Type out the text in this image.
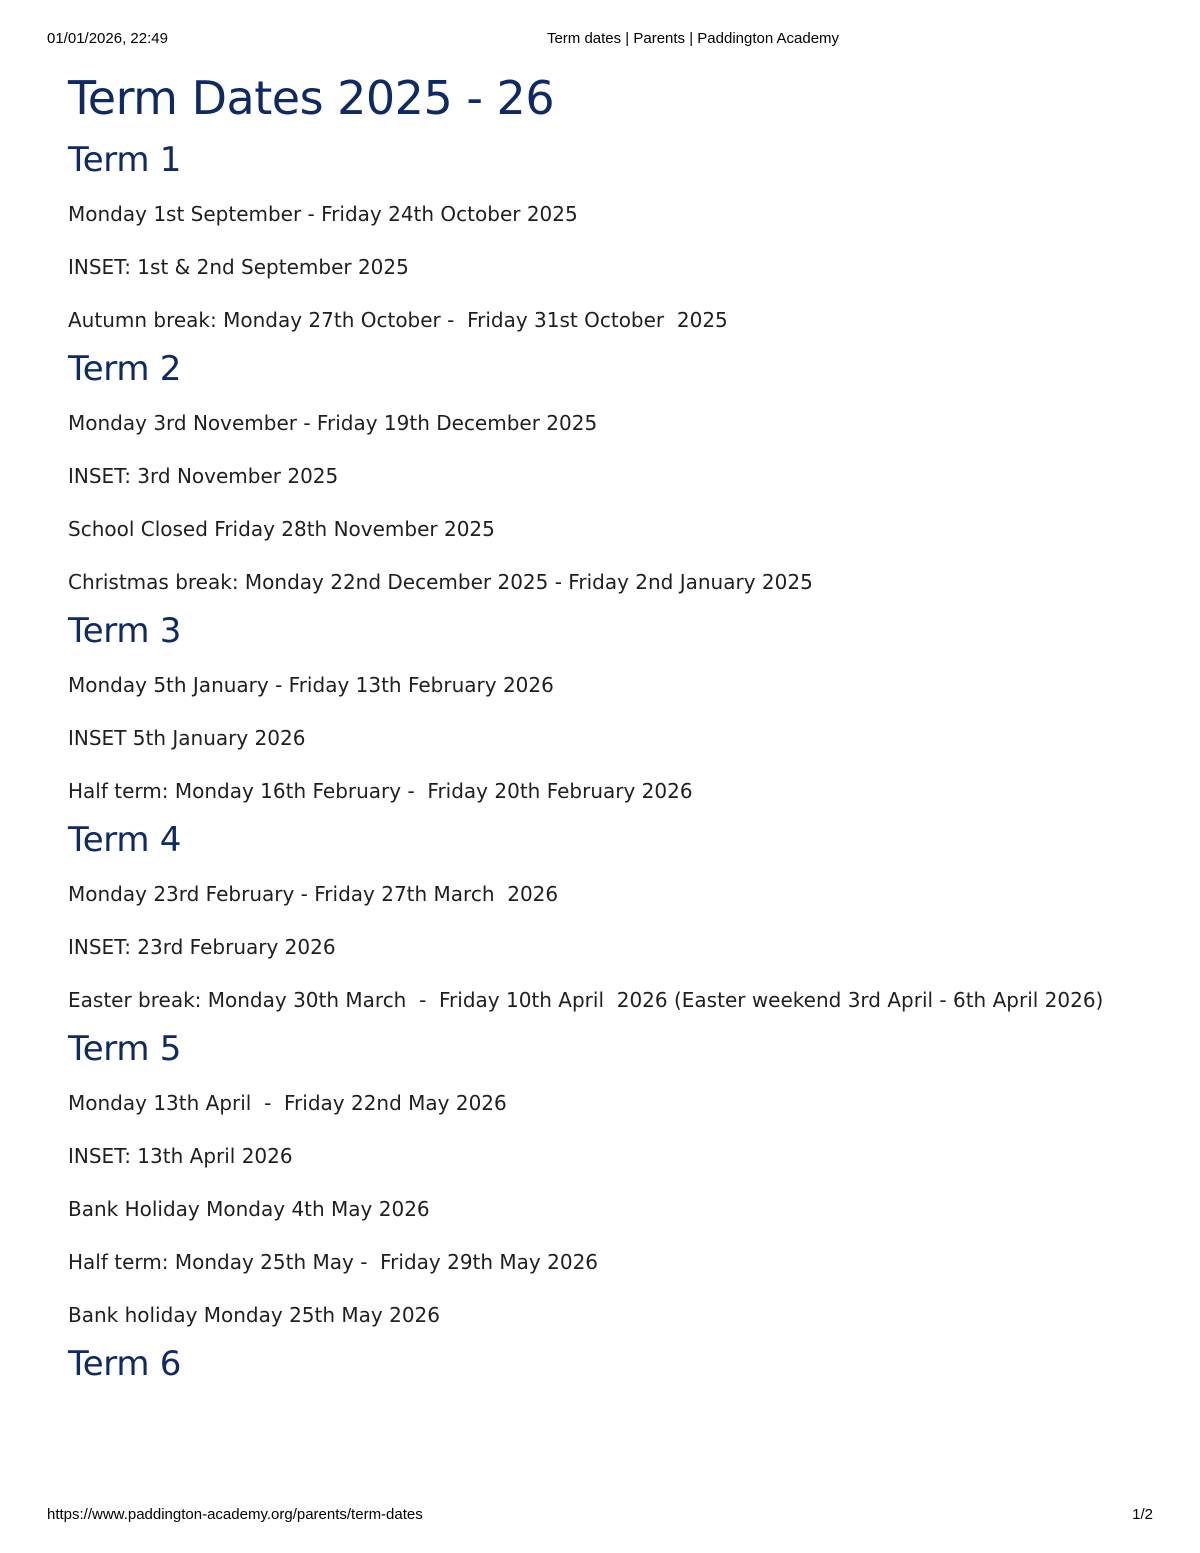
01/01/2026, 22:49	Term dates | Parents | Paddington Academy
Term Dates 2025 - 26
Term 1

Monday 1st September - Friday 24th October 2025

INSET: 1st & 2nd September 2025

Autumn break: Monday 27th October -  Friday 31st October  2025

Term 2

Monday 3rd November - Friday 19th December 2025

INSET: 3rd November 2025

School Closed Friday 28th November 2025

Christmas break: Monday 22nd December 2025 - Friday 2nd January 2025

Term 3

Monday 5th January - Friday 13th February 2026

INSET 5th January 2026

Half term: Monday 16th February -  Friday 20th February 2026

Term 4

Monday 23rd February - Friday 27th March  2026

INSET: 23rd February 2026

Easter break: Monday 30th March  -  Friday 10th April  2026 (Easter weekend 3rd April - 6th April 2026)

Term 5

Monday 13th April  -  Friday 22nd May 2026

INSET: 13th April 2026

Bank Holiday Monday 4th May 2026

Half term: Monday 25th May -  Friday 29th May 2026

Bank holiday Monday 25th May 2026

Term 6
https://www.paddington-academy.org/parents/term-dates	1/2
